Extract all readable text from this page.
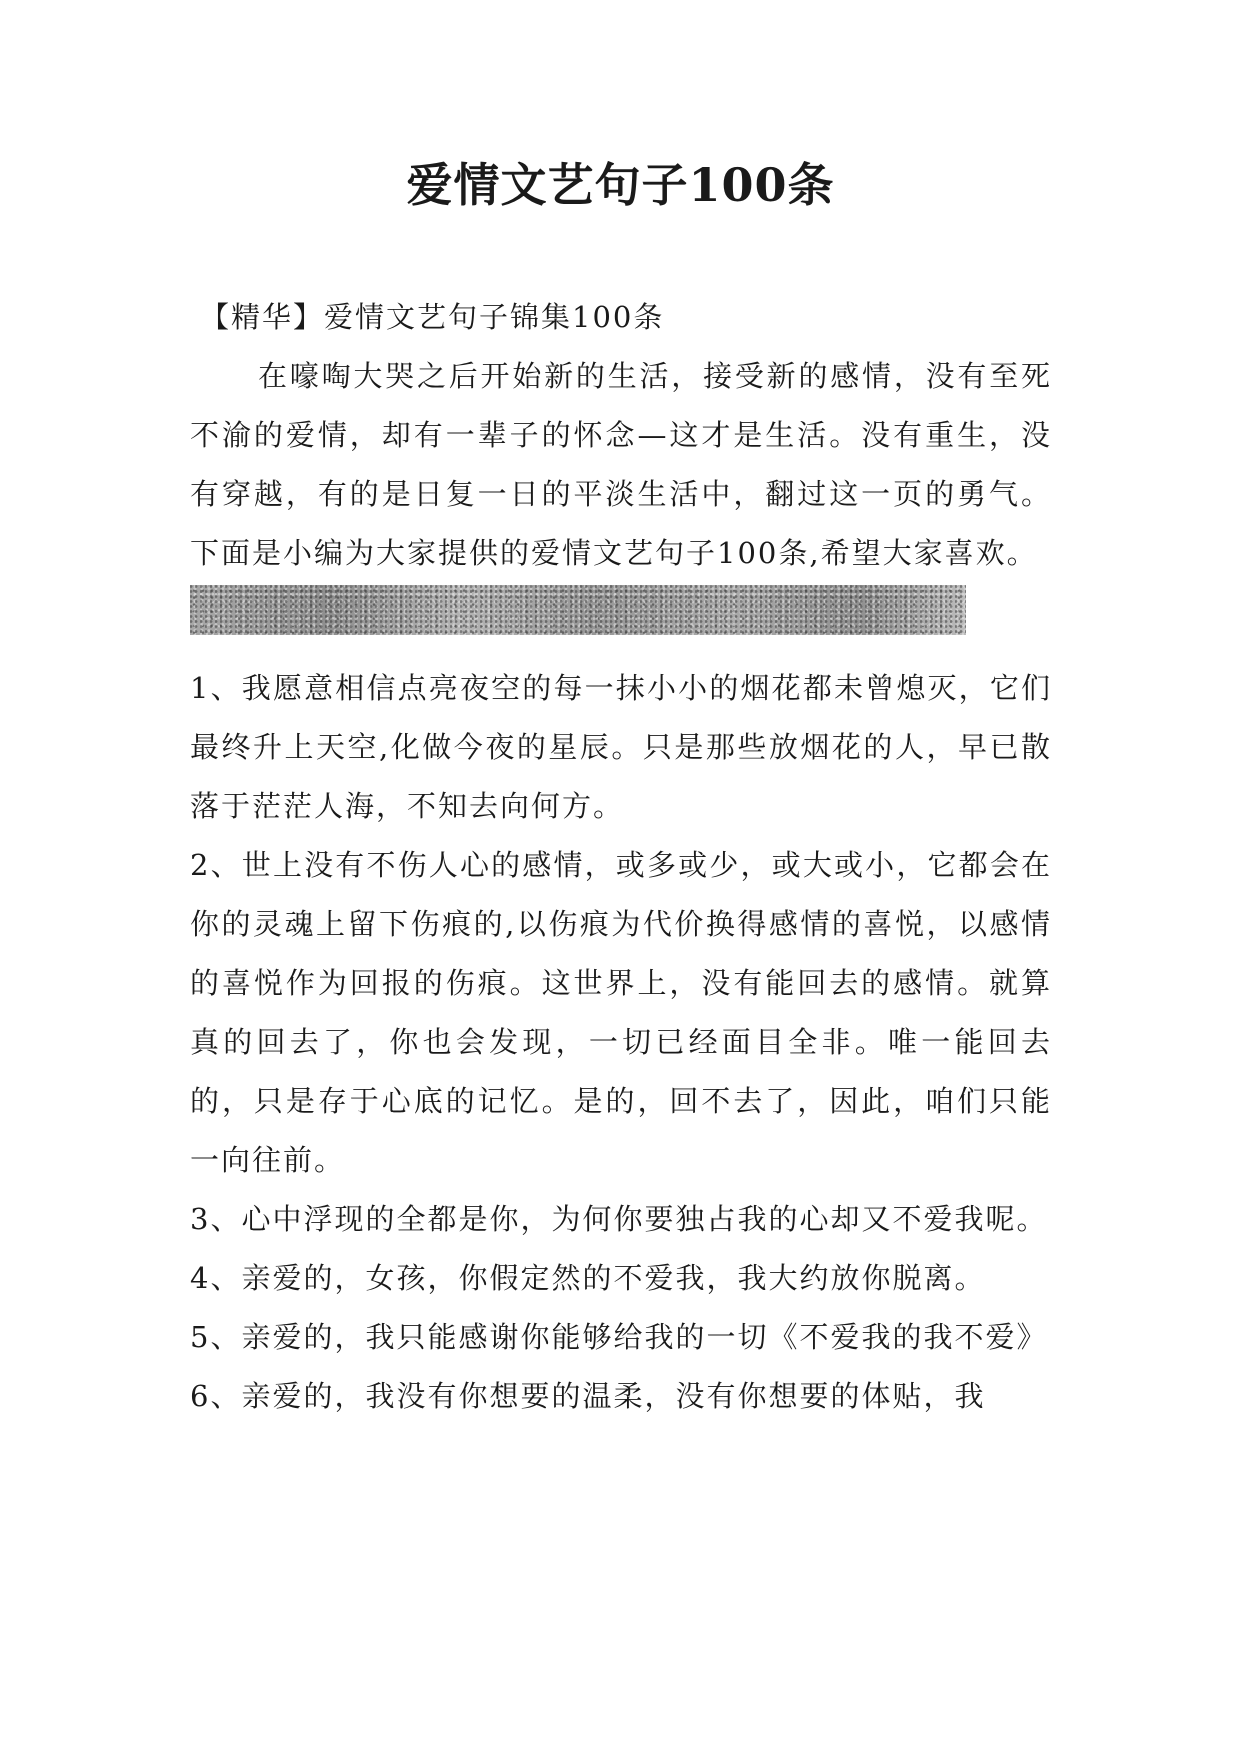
爱情文艺句子100条

【精华】爱情文艺句子锦集100条

在嚎啕大哭之后开始新的生活，接受新的感情，没有至死不渝的爱情，却有一辈子的怀念—这才是生活。没有重生，没有穿越，有的是日复一日的平淡生活中，翻过这一页的勇气。下面是小编为大家提供的爱情文艺句子100条,希望大家喜欢。

1、我愿意相信点亮夜空的每一抹小小的烟花都未曾熄灭，它们最终升上天空,化做今夜的星辰。只是那些放烟花的人，早已散落于茫茫人海，不知去向何方。

2、世上没有不伤人心的感情，或多或少，或大或小，它都会在你的灵魂上留下伤痕的,以伤痕为代价换得感情的喜悦，以感情的喜悦作为回报的伤痕。这世界上，没有能回去的感情。就算真的回去了，你也会发现，一切已经面目全非。唯一能回去的，只是存于心底的记忆。是的，回不去了，因此，咱们只能一向往前。

3、心中浮现的全都是你，为何你要独占我的心却又不爱我呢。

4、亲爱的，女孩，你假定然的不爱我，我大约放你脱离。

5、亲爱的，我只能感谢你能够给我的一切《不爱我的我不爱》

6、亲爱的，我没有你想要的温柔，没有你想要的体贴，我
